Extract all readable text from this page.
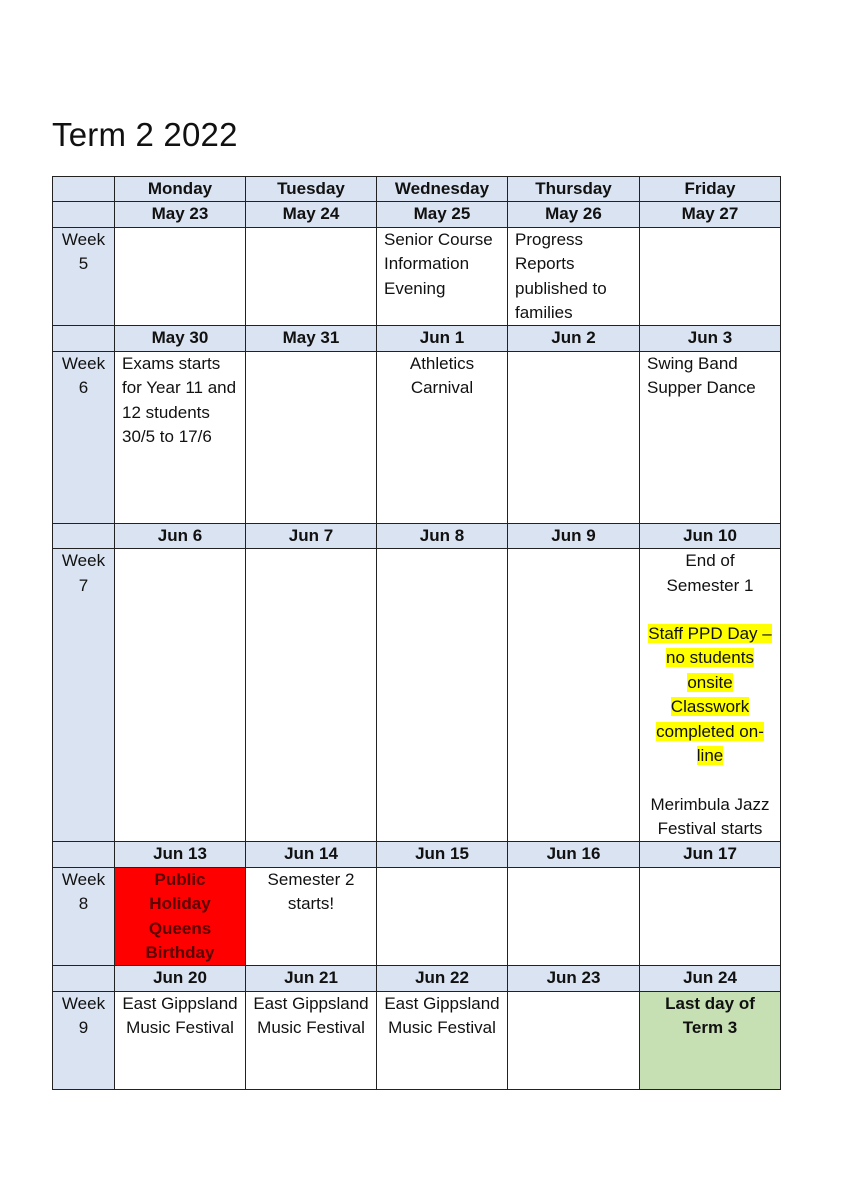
Term 2 2022
	Monday	Tuesday	Wednesday	Thursday	Friday
	May 23	May 24	May 25	May 26	May 27
Week 5			Senior Course Information Evening	Progress Reports published to families	
	May 30	May 31	Jun 1	Jun 2	Jun 3
Week 6	Exams starts for Year 11 and 12 students 30/5 to 17/6		Athletics Carnival		Swing Band Supper Dance
	Jun 6	Jun 7	Jun 8	Jun 9	Jun 10
Week 7					End of Semester 1
Staff PPD Day – no students onsite
Classwork completed on-line
Merimbula Jazz Festival starts

	Jun 13	Jun 14	Jun 15	Jun 16	Jun 17
Week 8	Public Holiday Queens Birthday	Semester 2 starts!			
	Jun 20	Jun 21	Jun 22	Jun 23	Jun 24
Week 9	East Gippsland Music Festival	East Gippsland Music Festival	East Gippsland Music Festival		Last day of Term 3
